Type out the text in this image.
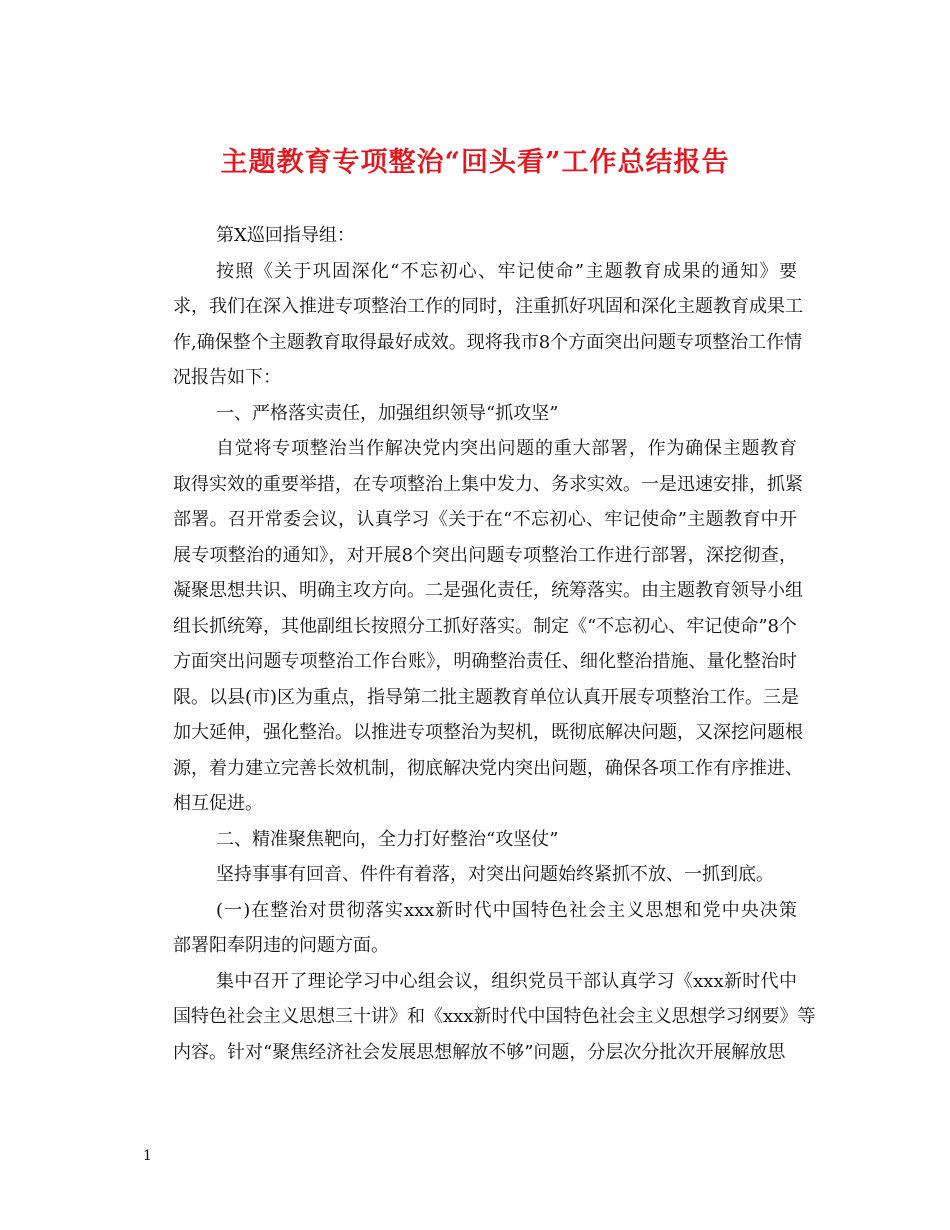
主题教育专项整治“回头看”工作总结报告
第X巡回指导组：
按照《关于巩固深化“不忘初心、牢记使命”主题教育成果的通知》要
求，我们在深入推进专项整治工作的同时，注重抓好巩固和深化主题教育成果工
作,确保整个主题教育取得最好成效。现将我市8个方面突出问题专项整治工作情
况报告如下：
一、严格落实责任，加强组织领导“抓攻坚”
自觉将专项整治当作解决党内突出问题的重大部署，作为确保主题教育
取得实效的重要举措，在专项整治上集中发力、务求实效。一是迅速安排，抓紧
部署。召开常委会议，认真学习《关于在“不忘初心、牢记使命”主题教育中开
展专项整治的通知》，对开展8个突出问题专项整治工作进行部署，深挖彻查，
凝聚思想共识、明确主攻方向。二是强化责任，统筹落实。由主题教育领导小组
组长抓统筹，其他副组长按照分工抓好落实。制定《“不忘初心、牢记使命”8个
方面突出问题专项整治工作台账》，明确整治责任、细化整治措施、量化整治时
限。以县(市)区为重点，指导第二批主题教育单位认真开展专项整治工作。三是
加大延伸，强化整治。以推进专项整治为契机，既彻底解决问题，又深挖问题根
源，着力建立完善长效机制，彻底解决党内突出问题，确保各项工作有序推进、
相互促进。
二、精准聚焦靶向，全力打好整治“攻坚仗”
坚持事事有回音、件件有着落，对突出问题始终紧抓不放、一抓到底。
(一)在整治对贯彻落实xxx新时代中国特色社会主义思想和党中央决策
部署阳奉阴违的问题方面。
集中召开了理论学习中心组会议，组织党员干部认真学习《xxx新时代中
国特色社会主义思想三十讲》和《xxx新时代中国特色社会主义思想学习纲要》等
内容。针对“聚焦经济社会发展思想解放不够”问题，分层次分批次开展解放思
1
